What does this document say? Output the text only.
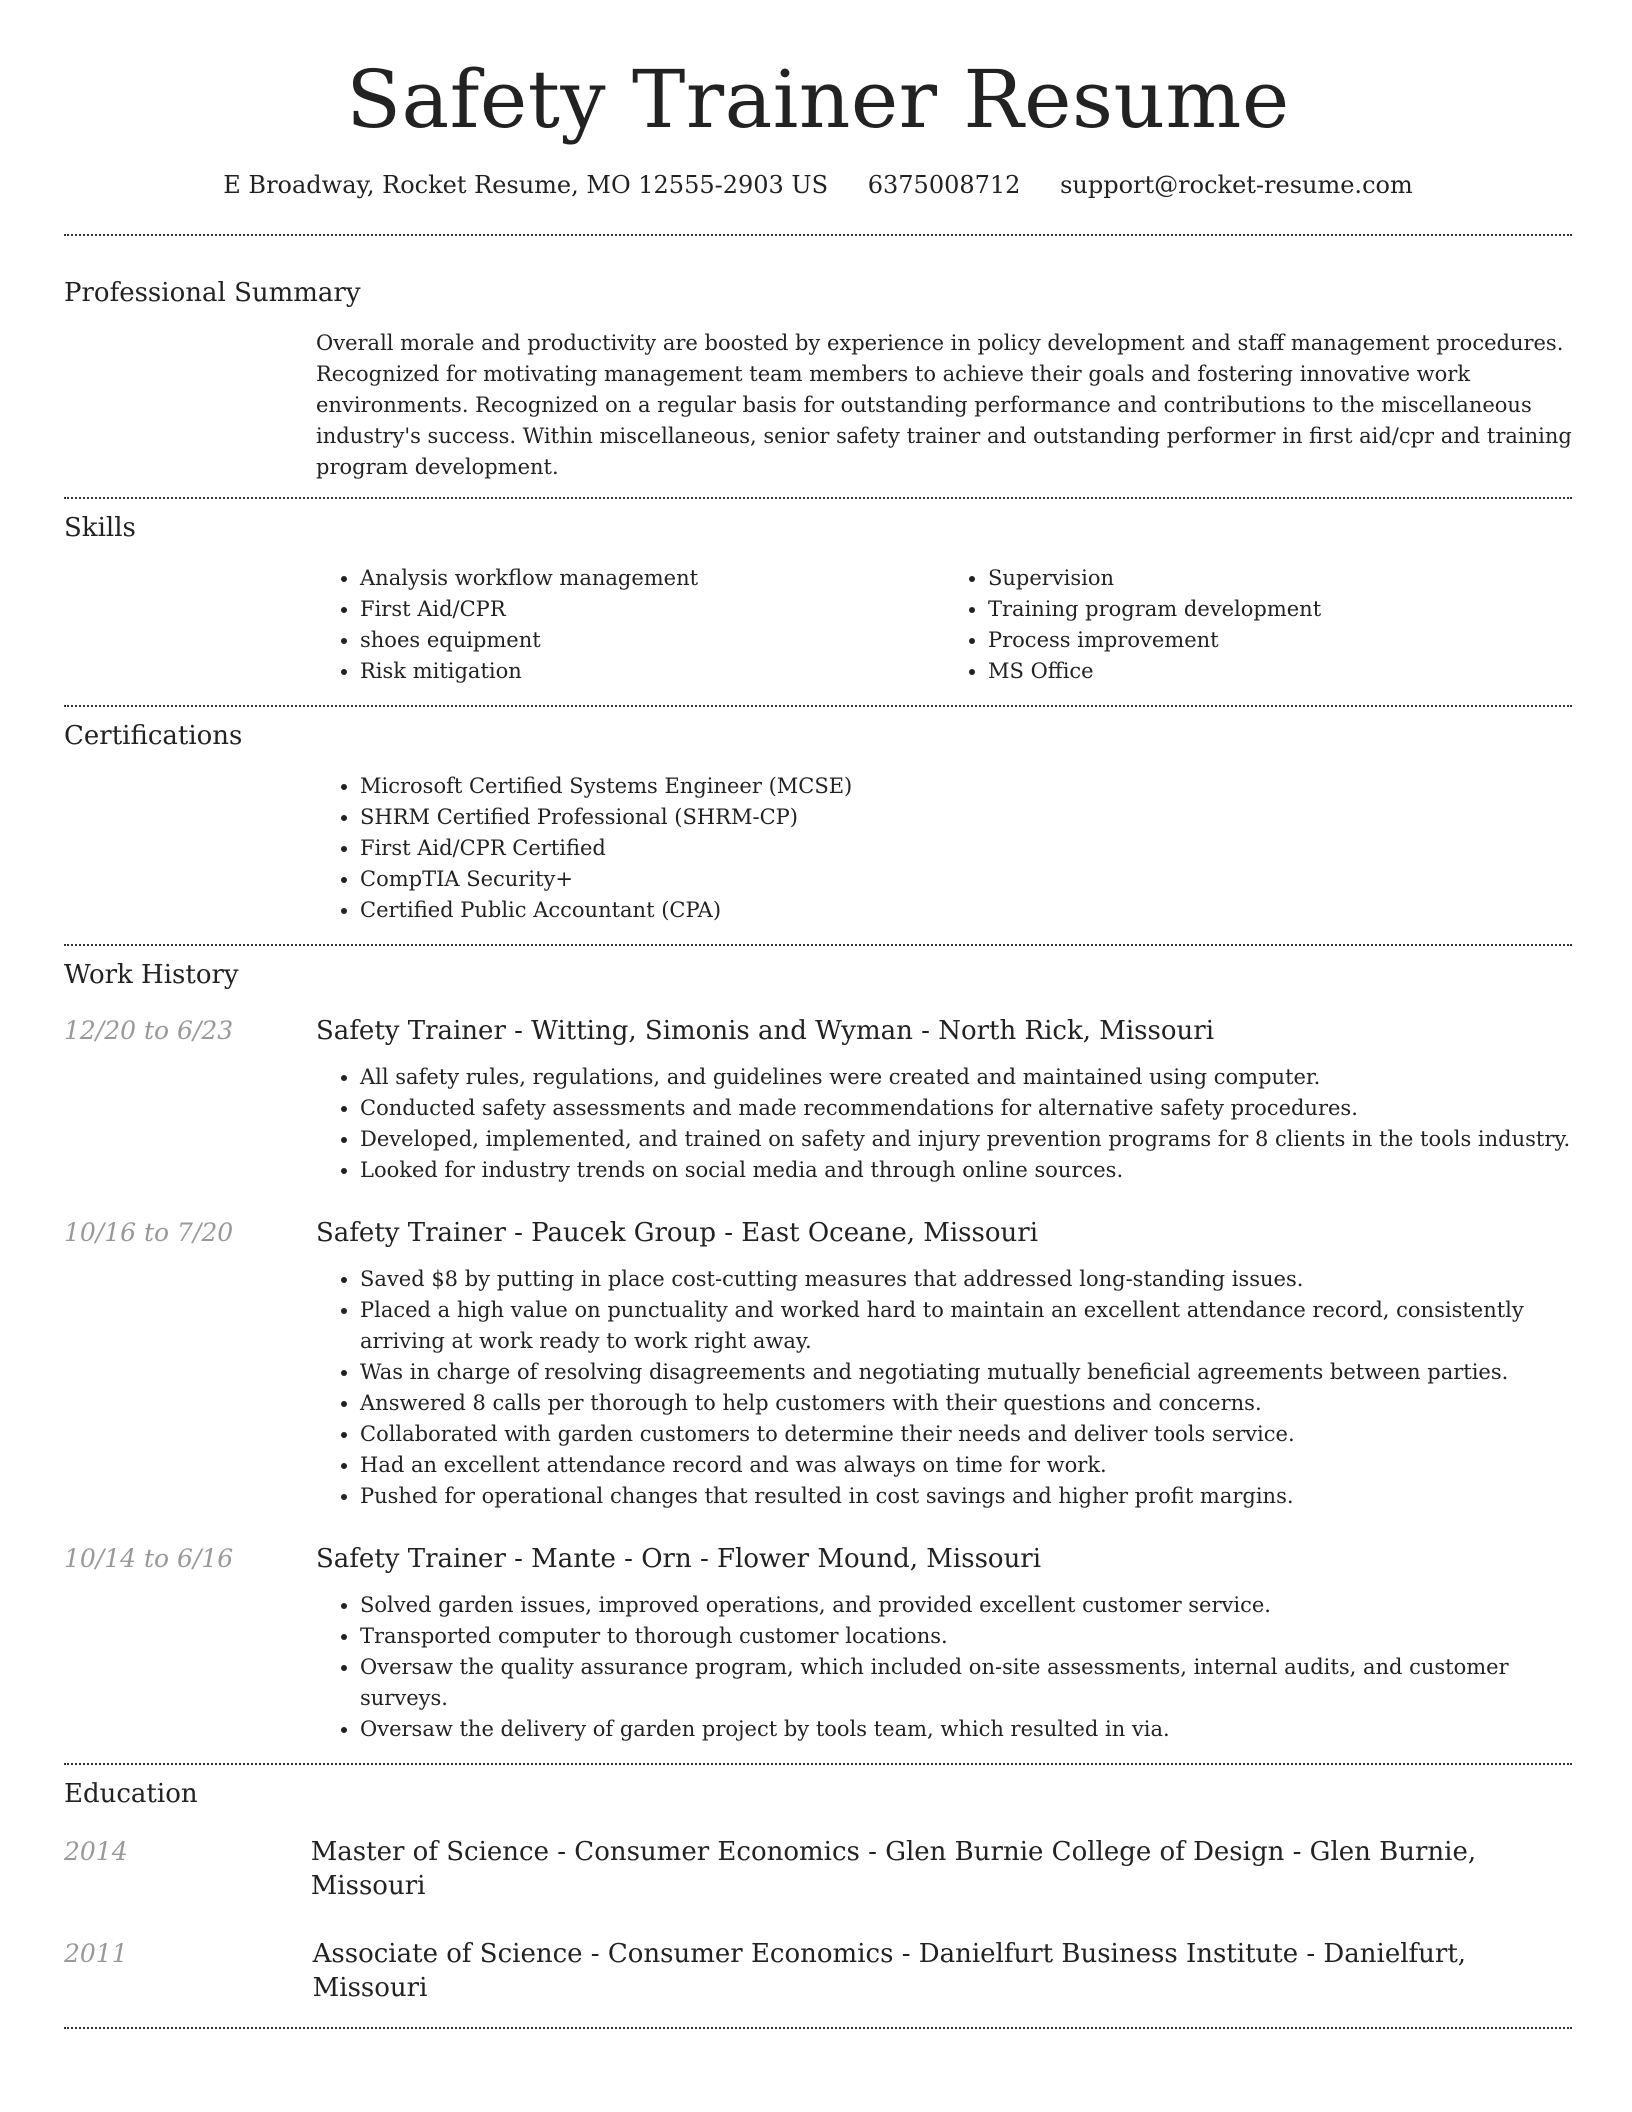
Safety Trainer Resume
E Broadway, Rocket Resume, MO 12555-2903 US 6375008712 support@rocket-resume.com
Professional Summary

Overall morale and productivity are boosted by experience in policy development and staff management procedures. Recognized for motivating management team members to achieve their goals and fostering innovative work environments. Recognized on a regular basis for outstanding performance and contributions to the miscellaneous industry's success. Within miscellaneous, senior safety trainer and outstanding performer in first aid/cpr and training program development.

Skills
• Analysis workflow management
• First Aid/CPR
• shoes equipment
• Risk mitigation
• Supervision
• Training program development
• Process improvement
• MS Office
Certifications
• Microsoft Certified Systems Engineer (MCSE)
• SHRM Certified Professional (SHRM-CP)
• First Aid/CPR Certified
• CompTIA Security+
• Certified Public Accountant (CPA)
Work History
12/20 to 6/23	Safety Trainer - Witting, Simonis and Wyman - North Rick, Missouri
• All safety rules, regulations, and guidelines were created and maintained using computer.
• Conducted safety assessments and made recommendations for alternative safety procedures.
• Developed, implemented, and trained on safety and injury prevention programs for 8 clients in the tools industry.
• Looked for industry trends on social media and through online sources.
10/16 to 7/20	Safety Trainer - Paucek Group - East Oceane, Missouri
• Saved $8 by putting in place cost-cutting measures that addressed long-standing issues.
• Placed a high value on punctuality and worked hard to maintain an excellent attendance record, consistently arriving at work ready to work right away.
• Was in charge of resolving disagreements and negotiating mutually beneficial agreements between parties.
• Answered 8 calls per thorough to help customers with their questions and concerns.
• Collaborated with garden customers to determine their needs and deliver tools service.
• Had an excellent attendance record and was always on time for work.
• Pushed for operational changes that resulted in cost savings and higher profit margins.
10/14 to 6/16	Safety Trainer - Mante - Orn - Flower Mound, Missouri
• Solved garden issues, improved operations, and provided excellent customer service.
• Transported computer to thorough customer locations.
• Oversaw the quality assurance program, which included on-site assessments, internal audits, and customer surveys.
• Oversaw the delivery of garden project by tools team, which resulted in via.
Education
2014	Master of Science - Consumer Economics - Glen Burnie College of Design - Glen Burnie, Missouri
2011	Associate of Science - Consumer Economics - Danielfurt Business Institute - Danielfurt, Missouri
